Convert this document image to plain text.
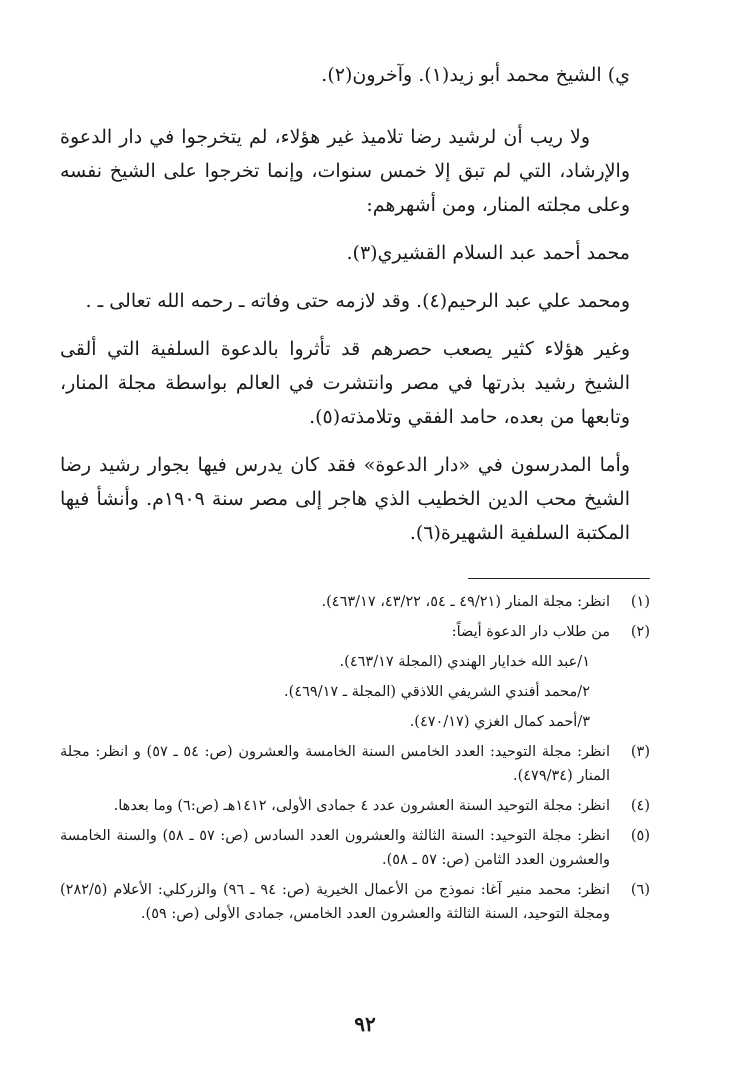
ي) الشيخ محمد أبو زيد(١). وآخرون(٢).

ولا ريب أن لرشيد رضا تلاميذ غير هؤلاء، لم يتخرجوا في دار الدعوة والإرشاد، التي لم تبق إلا خمس سنوات، وإنما تخرجوا على الشيخ نفسه وعلى مجلته المنار، ومن أشهرهم:

محمد أحمد عبد السلام القشيري(٣).

ومحمد علي عبد الرحيم(٤). وقد لازمه حتى وفاته ـ رحمه الله تعالى ـ .

وغير هؤلاء كثير يصعب حصرهم قد تأثروا بالدعوة السلفية التي ألقى الشيخ رشيد بذرتها في مصر وانتشرت في العالم بواسطة مجلة المنار، وتابعها من بعده، حامد الفقي وتلامذته(٥).

وأما المدرسون في «دار الدعوة» فقد كان يدرس فيها بجوار رشيد رضا الشيخ محب الدين الخطيب الذي هاجر إلى مصر سنة ١٩٠٩م. وأنشأ فيها المكتبة السلفية الشهيرة(٦).

(١)
انظر: مجلة المنار (٤٩/٢١ ـ ٥٤، ٤٣/٢٢، ٤٦٣/١٧).
(٢)
من طلاب دار الدعوة أيضاً:
١/عبد الله خدايار الهندي (المجلة ٤٦٣/١٧).
٢/محمد أفندي الشريفي اللاذقي (المجلة ـ ٤٦٩/١٧).
٣/أحمد كمال الغزي (٤٧٠/١٧).
(٣)
انظر: مجلة التوحيد: العدد الخامس السنة الخامسة والعشرون (ص: ٥٤ ـ ٥٧) و انظر: مجلة المنار (٤٧٩/٣٤).
(٤)
انظر: مجلة التوحيد السنة العشرون عدد ٤ جمادى الأولى، ١٤١٢هـ (ص:٦) وما بعدها.
(٥)
انظر: مجلة التوحيد: السنة الثالثة والعشرون العدد السادس (ص: ٥٧ ـ ٥٨) والسنة الخامسة والعشرون العدد الثامن (ص: ٥٧ ـ ٥٨).
(٦)
انظر: محمد منير آغا: نموذج من الأعمال الخيرية (ص: ٩٤ ـ ٩٦) والزركلي: الأعلام (٢٨٢/٥) ومجلة التوحيد، السنة الثالثة والعشرون العدد الخامس، جمادى الأولى (ص: ٥٩).
٩٢
